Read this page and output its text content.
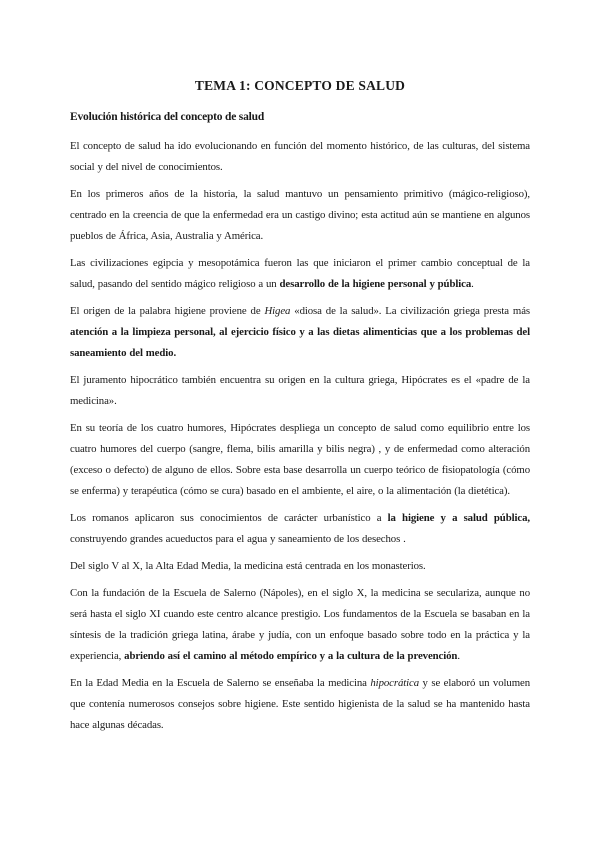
TEMA 1: CONCEPTO DE SALUD
Evolución histórica del concepto de salud

El concepto de salud ha ido evolucionando en función del momento histórico, de las culturas, del sistema social y del nivel de conocimientos.

En los primeros años de la historia, la salud mantuvo un pensamiento primitivo (mágico-religioso), centrado en la creencia de que la enfermedad era un castigo divino; esta actitud aún se mantiene en algunos pueblos de África, Asia, Australia y América.

Las civilizaciones egipcia y mesopotámica fueron las que iniciaron el primer cambio conceptual de la salud, pasando del sentido mágico religioso a un desarrollo de la higiene personal y pública.

El origen de la palabra higiene proviene de Higea «diosa de la salud». La civilización griega presta más atención a la limpieza personal, al ejercicio físico y a las dietas alimenticias que a los problemas del saneamiento del medio.

El juramento hipocrático también encuentra su origen en la cultura griega, Hipócrates es el «padre de la medicina».

En su teoría de los cuatro humores, Hipócrates despliega un concepto de salud como equilibrio entre los cuatro humores del cuerpo (sangre, flema, bilis amarilla y bilis negra) , y de enfermedad como alteración (exceso o defecto) de alguno de ellos. Sobre esta base desarrolla un cuerpo teórico de fisiopatología (cómo se enferma) y terapéutica (cómo se cura) basado en el ambiente, el aire, o la alimentación (la dietética).

Los romanos aplicaron sus conocimientos de carácter urbanístico a la higiene y a salud pública, construyendo grandes acueductos para el agua y saneamiento de los desechos .

Del siglo V al X, la Alta Edad Media, la medicina está centrada en los monasterios.

Con la fundación de la Escuela de Salerno (Nápoles), en el siglo X, la medicina se seculariza, aunque no será hasta el siglo XI cuando este centro alcance prestigio. Los fundamentos de la Escuela se basaban en la síntesis de la tradición griega latina, árabe y judía, con un enfoque basado sobre todo en la práctica y la experiencia, abriendo así el camino al método empírico y a la cultura de la prevención.

En la Edad Media en la Escuela de Salerno se enseñaba la medicina hipocrática y se elaboró un volumen que contenía numerosos consejos sobre higiene. Este sentido higienista de la salud se ha mantenido hasta hace algunas décadas.
